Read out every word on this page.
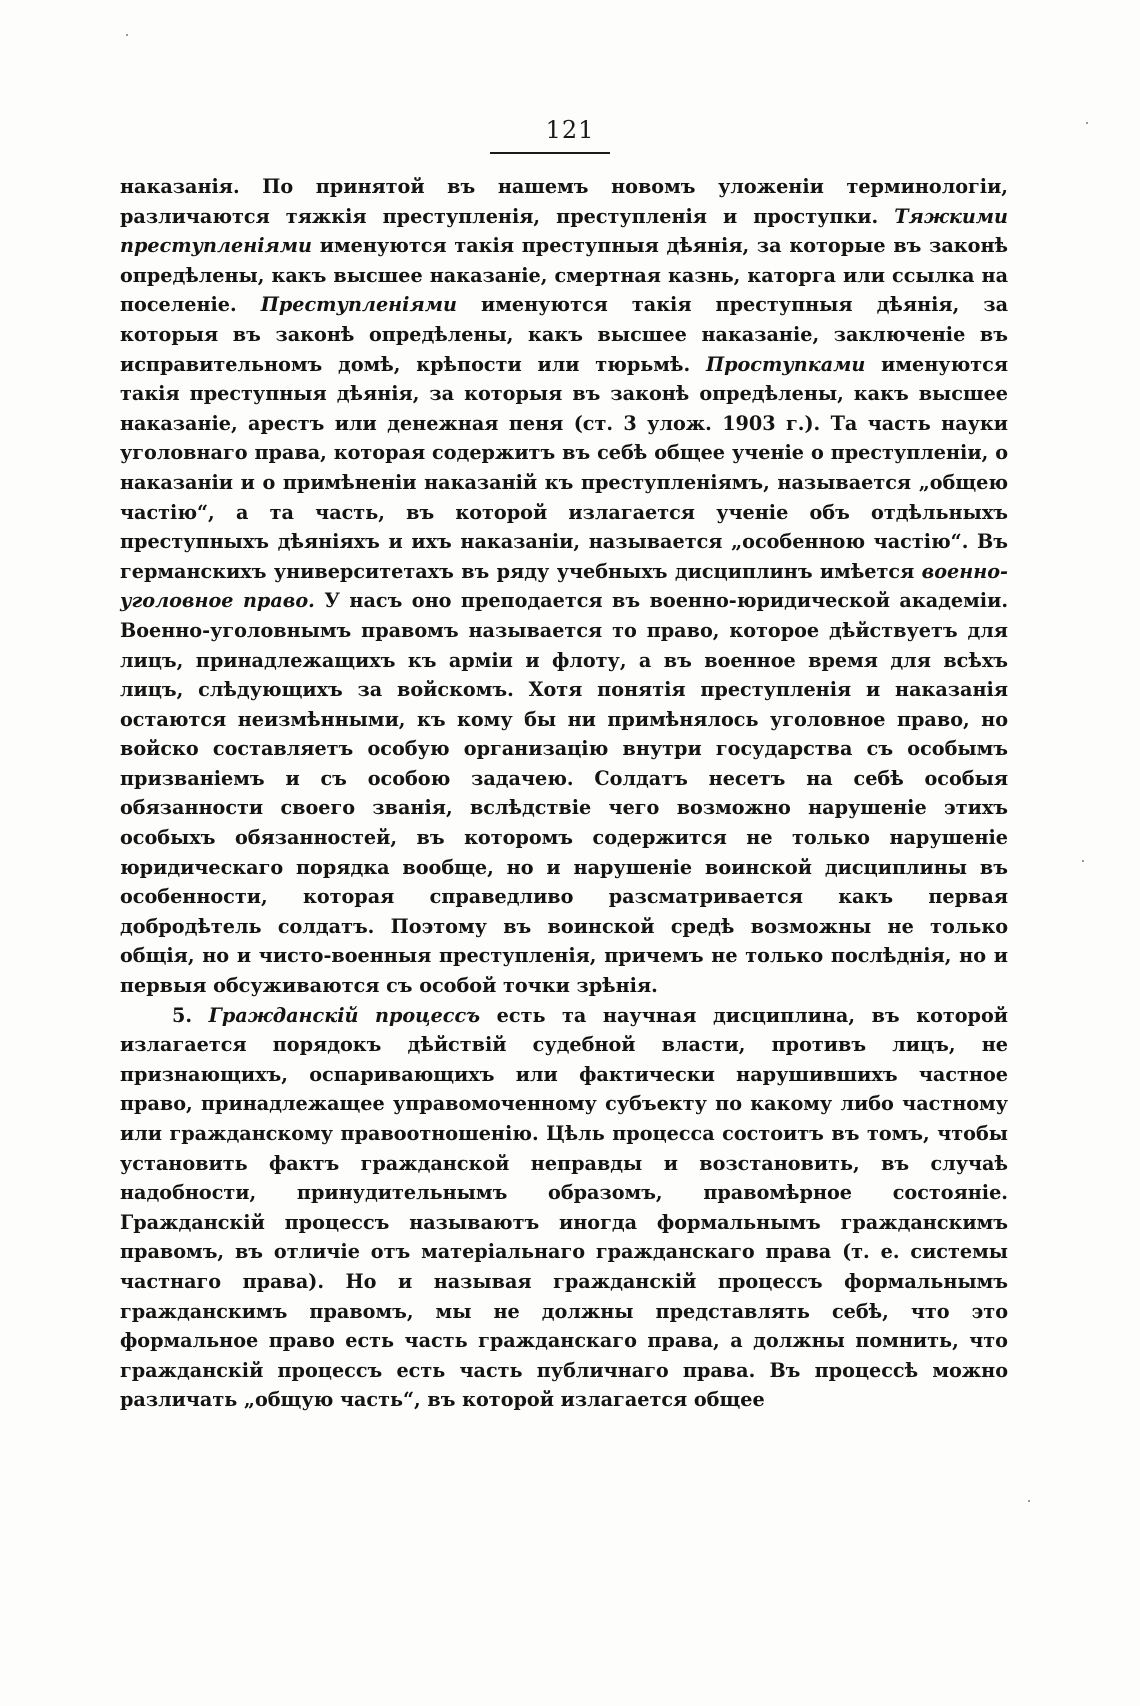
121

наказанія. По принятой въ нашемъ новомъ уложеніи терминологіи, различаются тяжкія преступленія, преступленія и проступки. Тяжкими преступленіями именуются такія преступныя дѣянія, за которые въ законѣ опредѣлены, какъ высшее наказаніе, смертная казнь, каторга или ссылка на поселеніе. Преступленіями именуются такія преступныя дѣянія, за которыя въ законѣ опредѣлены, какъ высшее наказаніе, заключеніе въ исправительномъ домѣ, крѣпости или тюрьмѣ. Проступками именуются такія преступныя дѣянія, за которыя въ законѣ опредѣлены, какъ высшее наказаніе, арестъ или денежная пеня (ст. 3 улож. 1903 г.). Та часть науки уголовнаго права, которая содержитъ въ себѣ общее ученіе о преступленіи, о наказаніи и о примѣненіи наказаній къ преступленіямъ, называется „общею частію“, а та часть, въ которой излагается ученіе объ отдѣльныхъ преступныхъ дѣяніяхъ и ихъ наказаніи, называется „особенною частію“. Въ германскихъ университетахъ въ ряду учебныхъ дисциплинъ имѣется военно-уголовное право. У насъ оно преподается въ военно-юридической академіи. Военно-уголовнымъ правомъ называется то право, которое дѣйствуетъ для лицъ, принадлежащихъ къ арміи и флоту, а въ военное время для всѣхъ лицъ, слѣдующихъ за войскомъ. Хотя понятія преступленія и наказанія остаются неизмѣнными, къ кому бы ни примѣнялось уголовное право, но войско составляетъ особую организацію внутри государства съ особымъ призваніемъ и съ особою задачею. Солдатъ несетъ на себѣ особыя обязанности своего званія, вслѣдствіе чего возможно нарушеніе этихъ особыхъ обязанностей, въ которомъ содержится не только нарушеніе юридическаго порядка вообще, но и нарушеніе воинской дисциплины въ особенности, которая справедливо разсматривается какъ первая добродѣтель солдатъ. Поэтому въ воинской средѣ возможны не только общія, но и чисто-военныя преступленія, причемъ не только послѣднія, но и первыя обсуживаются съ особой точки зрѣнія.

5. Гражданскій процессъ есть та научная дисциплина, въ которой излагается порядокъ дѣйствій судебной власти, противъ лицъ, не признающихъ, оспаривающихъ или фактически нарушившихъ частное право, принадлежащее управомоченному субъекту по какому либо частному или гражданскому правоотношенію. Цѣль процесса состоитъ въ томъ, чтобы установить фактъ гражданской неправды и возстановить, въ случаѣ надобности, принудительнымъ образомъ, правомѣрное состояніе. Гражданскій процессъ называютъ иногда формальнымъ гражданскимъ правомъ, въ отличіе отъ матеріальнаго гражданскаго права (т. е. системы частнаго права). Но и называя гражданскій процессъ формальнымъ гражданскимъ правомъ, мы не должны представлять себѣ, что это формальное право есть часть гражданскаго права, а должны помнить, что гражданскій процессъ есть часть публичнаго права. Въ процессѣ можно различать „общую часть“, въ которой излагается общее
